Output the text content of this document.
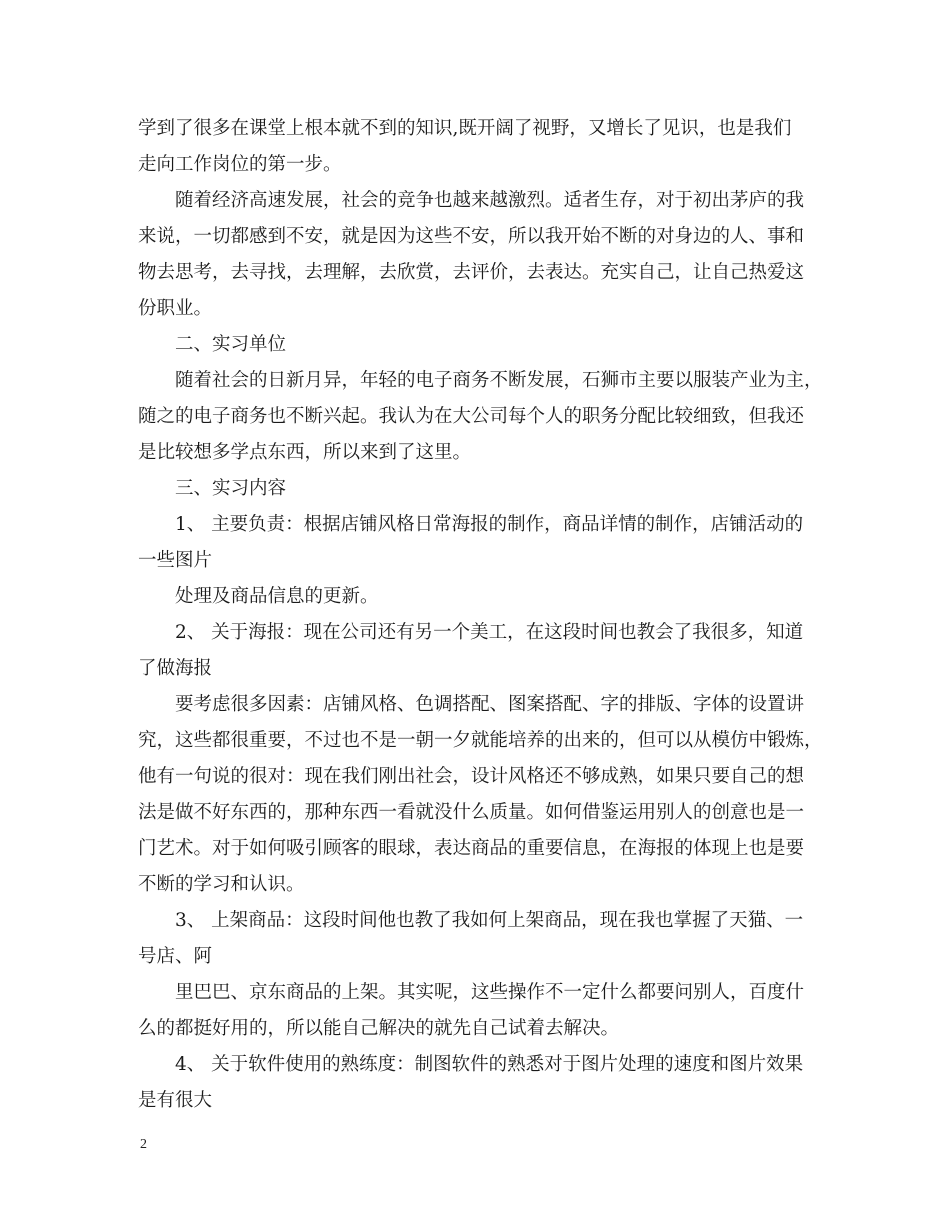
学到了很多在课堂上根本就不到的知识,既开阔了视野，又增长了见识，也是我们
走向工作岗位的第一步。
随着经济高速发展，社会的竞争也越来越激烈。适者生存，对于初出茅庐的我
来说，一切都感到不安，就是因为这些不安，所以我开始不断的对身边的人、事和
物去思考，去寻找，去理解，去欣赏，去评价，去表达。充实自己，让自己热爱这
份职业。
二、实习单位
随着社会的日新月异，年轻的电子商务不断发展，石狮市主要以服装产业为主，
随之的电子商务也不断兴起。我认为在大公司每个人的职务分配比较细致，但我还
是比较想多学点东西，所以来到了这里。
三、实习内容
1、 主要负责：根据店铺风格日常海报的制作，商品详情的制作，店铺活动的
一些图片
处理及商品信息的更新。
2、 关于海报：现在公司还有另一个美工，在这段时间也教会了我很多，知道
了做海报
要考虑很多因素：店铺风格、色调搭配、图案搭配、字的排版、字体的设置讲
究，这些都很重要，不过也不是一朝一夕就能培养的出来的，但可以从模仿中锻炼，
他有一句说的很对：现在我们刚出社会，设计风格还不够成熟，如果只要自己的想
法是做不好东西的，那种东西一看就没什么质量。如何借鉴运用别人的创意也是一
门艺术。对于如何吸引顾客的眼球，表达商品的重要信息，在海报的体现上也是要
不断的学习和认识。
3、 上架商品：这段时间他也教了我如何上架商品，现在我也掌握了天猫、一
号店、阿
里巴巴、京东商品的上架。其实呢，这些操作不一定什么都要问别人，百度什
么的都挺好用的，所以能自己解决的就先自己试着去解决。
4、 关于软件使用的熟练度：制图软件的熟悉对于图片处理的速度和图片效果
是有很大
2
